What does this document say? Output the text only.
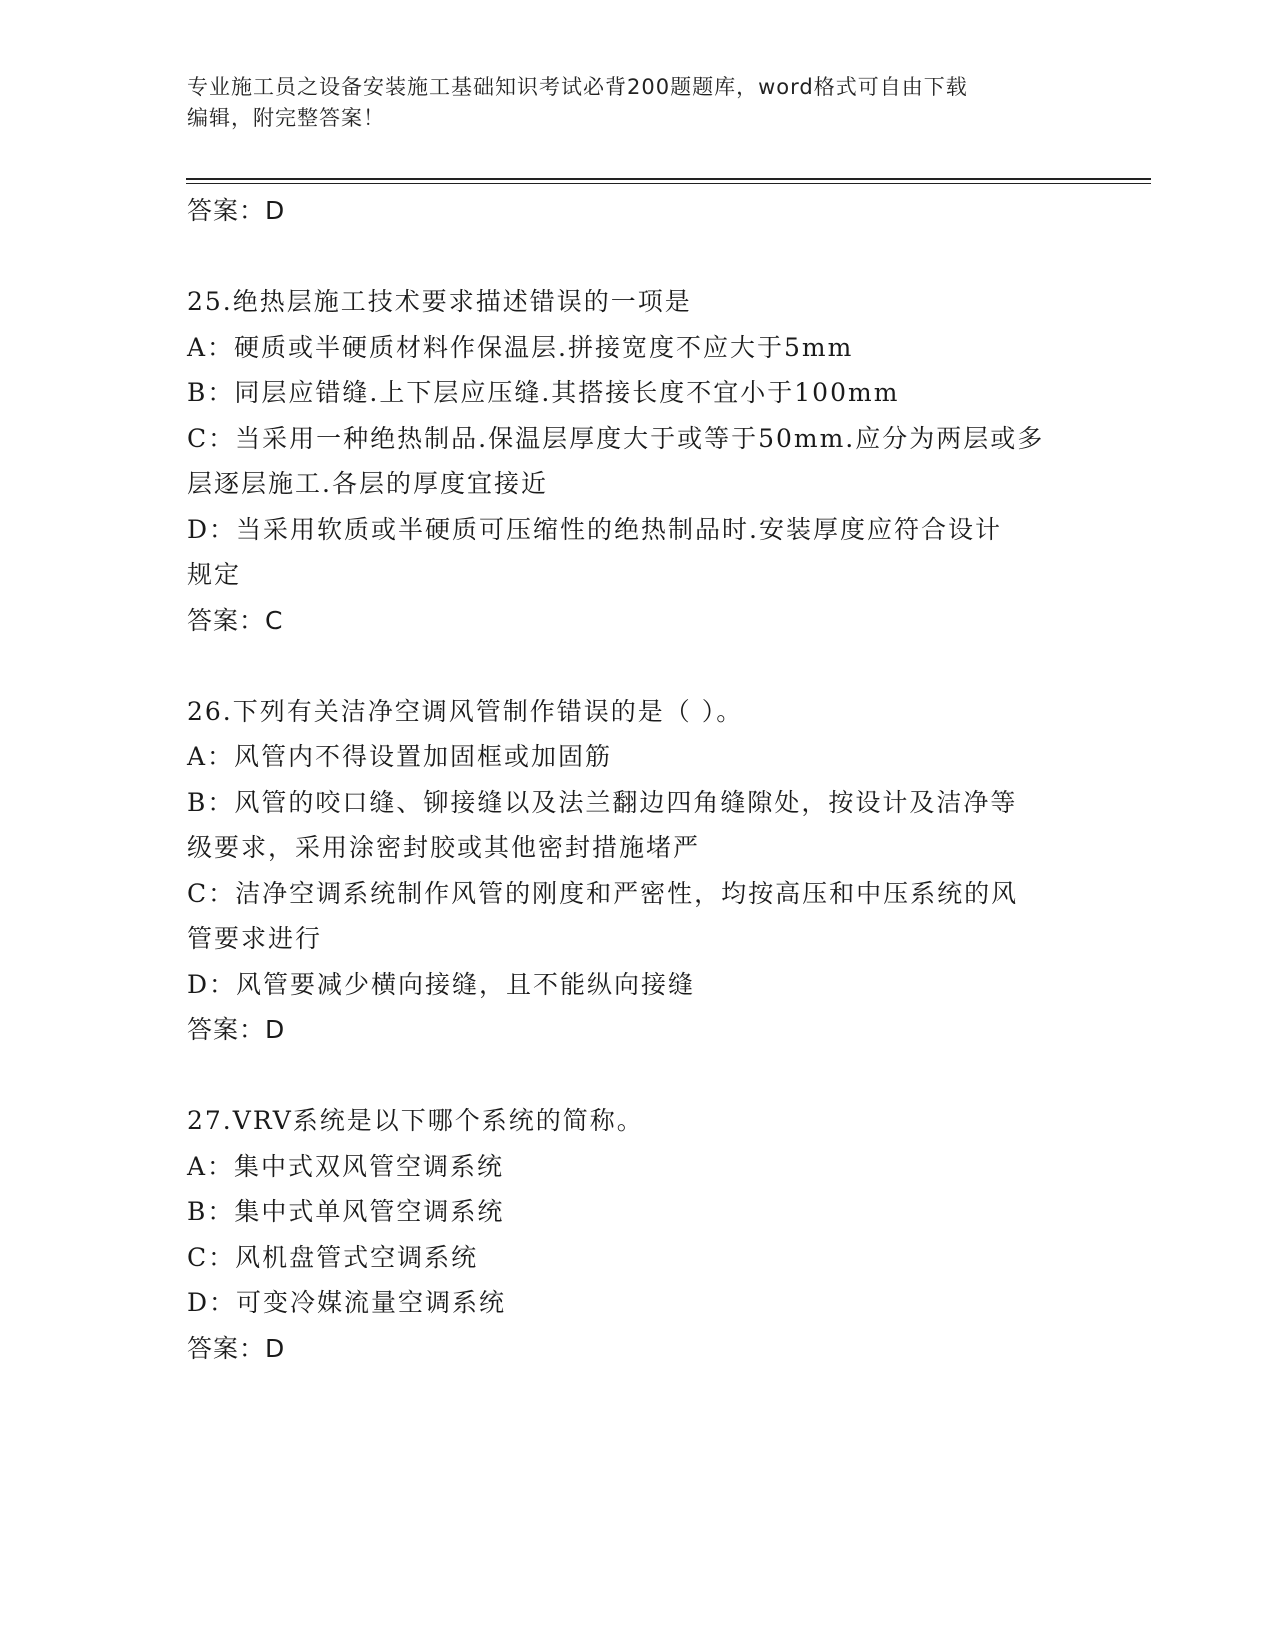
专业施工员之设备安装施工基础知识考试必背200题题库，word格式可自由下载
编辑，附完整答案！
答案：D
25.绝热层施工技术要求描述错误的一项是
A：硬质或半硬质材料作保温层.拼接宽度不应大于5mm
B：同层应错缝.上下层应压缝.其搭接长度不宜小于100mm
C：当采用一种绝热制品.保温层厚度大于或等于50mm.应分为两层或多
层逐层施工.各层的厚度宜接近
D：当采用软质或半硬质可压缩性的绝热制品时.安装厚度应符合设计
规定
答案：C
26.下列有关洁净空调风管制作错误的是（ ）。
A：风管内不得设置加固框或加固筋
B：风管的咬口缝、铆接缝以及法兰翻边四角缝隙处，按设计及洁净等
级要求，采用涂密封胶或其他密封措施堵严
C：洁净空调系统制作风管的刚度和严密性，均按高压和中压系统的风
管要求进行
D：风管要减少横向接缝，且不能纵向接缝
答案：D
27.VRV系统是以下哪个系统的简称。
A：集中式双风管空调系统
B：集中式单风管空调系统
C：风机盘管式空调系统
D：可变冷媒流量空调系统
答案：D
